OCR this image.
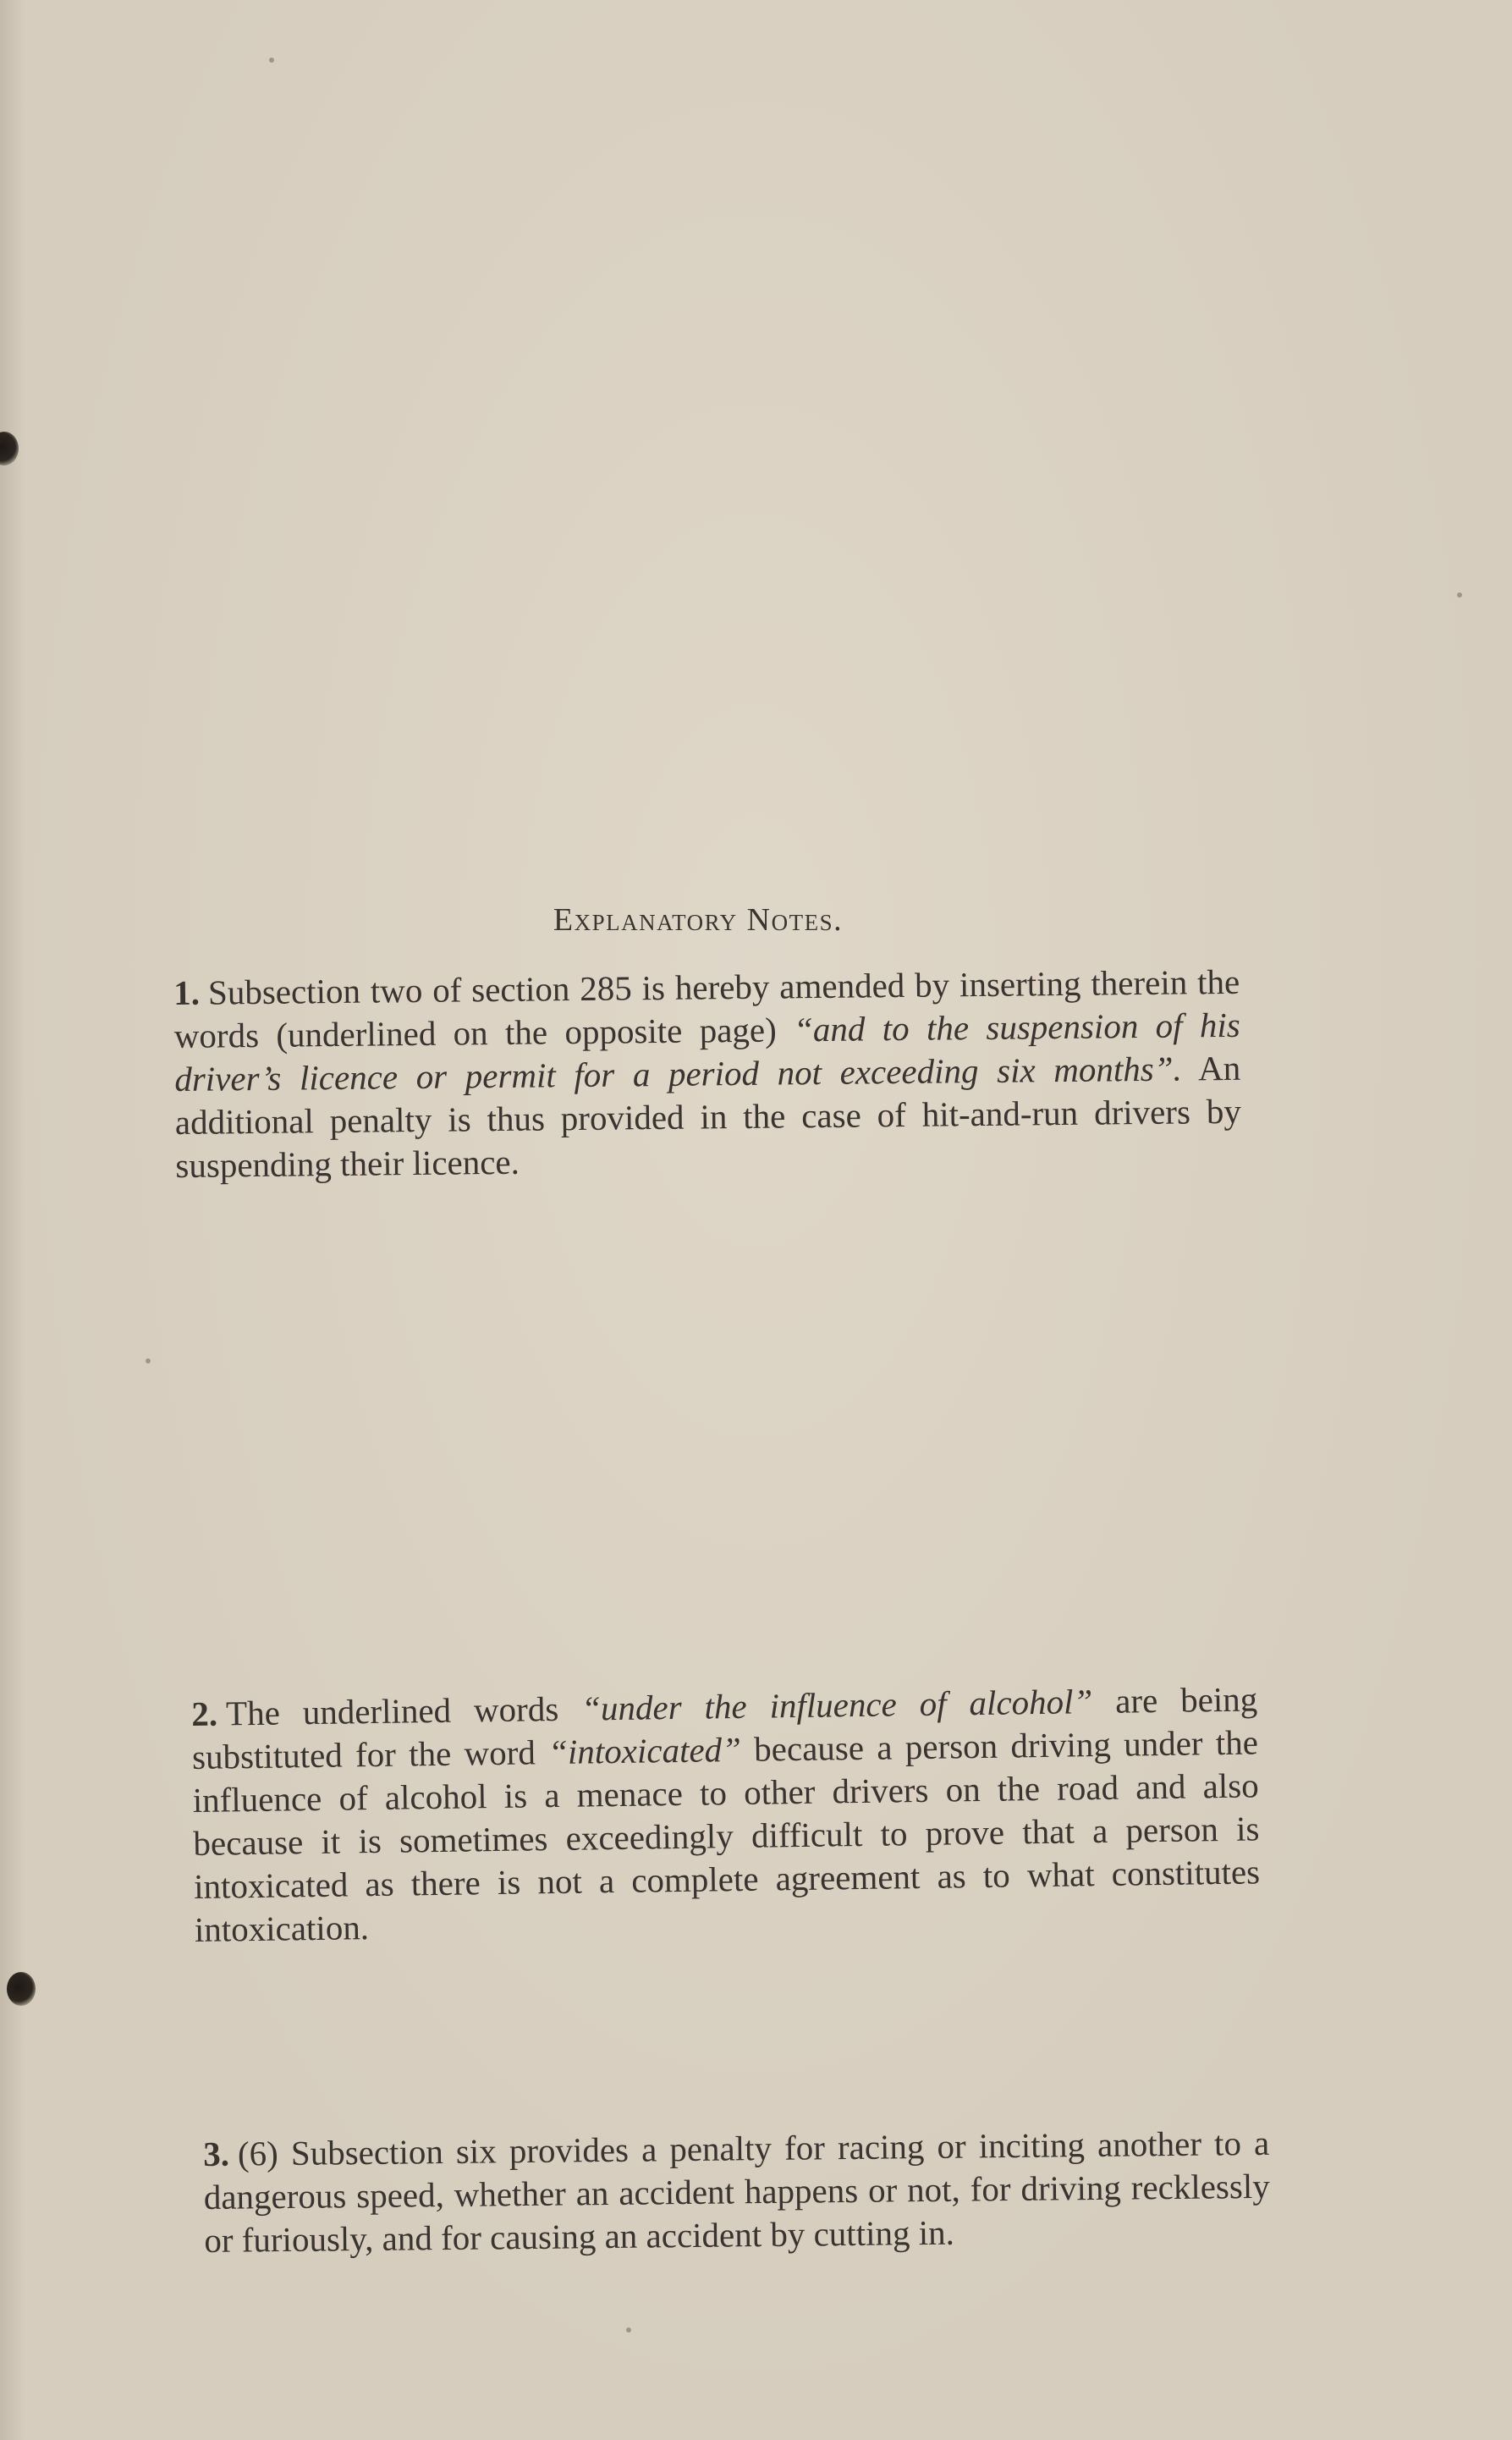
Explanatory Notes.
1. Subsection two of section 285 is hereby amended by inserting therein the words (underlined on the opposite page) “and to the suspension of his driver’s licence or permit for a period not exceeding six months”. An additional penalty is thus provided in the case of hit-and-run drivers by suspending their licence.
2. The underlined words “under the influence of alcohol” are being substituted for the word “intoxicated” because a person driving under the influence of alcohol is a menace to other drivers on the road and also because it is sometimes exceedingly difficult to prove that a person is intoxicated as there is not a complete agreement as to what constitutes intoxication.
3. (6) Subsection six provides a penalty for racing or inciting another to a dangerous speed, whether an accident happens or not, for driving recklessly or furiously, and for causing an accident by cutting in.
